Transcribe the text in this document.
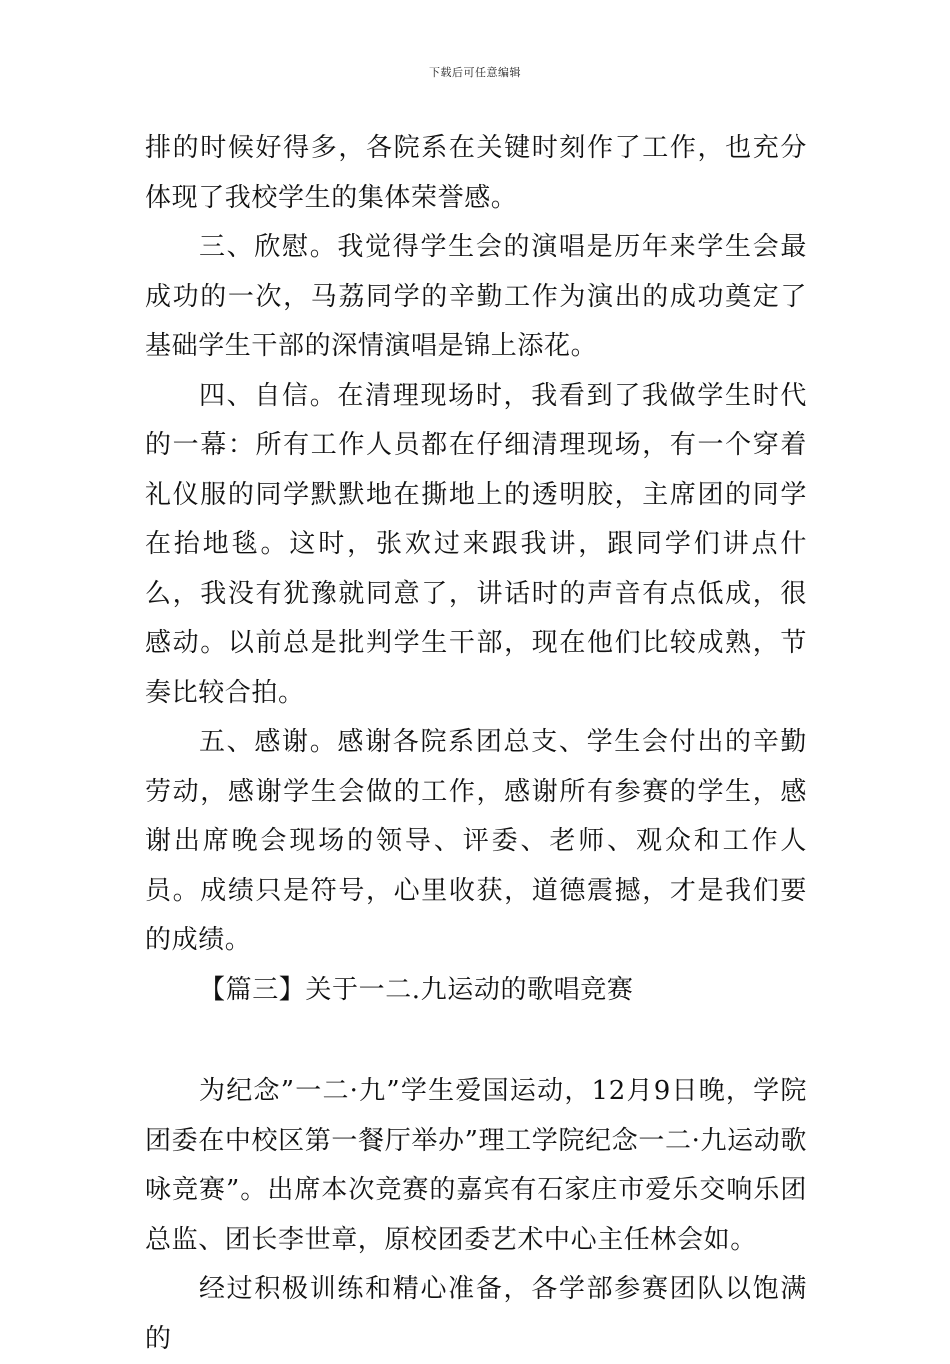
下载后可任意编辑

排的时候好得多，各院系在关键时刻作了工作，也充分体现了我校学生的集体荣誉感。

三、欣慰。我觉得学生会的演唱是历年来学生会最成功的一次，马荔同学的辛勤工作为演出的成功奠定了基础学生干部的深情演唱是锦上添花。

四、自信。在清理现场时，我看到了我做学生时代的一幕：所有工作人员都在仔细清理现场，有一个穿着礼仪服的同学默默地在撕地上的透明胶，主席团的同学在抬地毯。这时，张欢过来跟我讲，跟同学们讲点什么，我没有犹豫就同意了，讲话时的声音有点低成，很感动。以前总是批判学生干部，现在他们比较成熟，节奏比较合拍。

五、感谢。感谢各院系团总支、学生会付出的辛勤劳动，感谢学生会做的工作，感谢所有参赛的学生，感谢出席晚会现场的领导、评委、老师、观众和工作人员。成绩只是符号，心里收获，道德震撼，才是我们要的成绩。

【篇三】关于一二.九运动的歌唱竞赛

为纪念”一二·九”学生爱国运动，12月9日晚，学院团委在中校区第一餐厅举办”理工学院纪念一二·九运动歌咏竞赛”。出席本次竞赛的嘉宾有石家庄市爱乐交响乐团总监、团长李世章，原校团委艺术中心主任林会如。

经过积极训练和精心准备，各学部参赛团队以饱满的
